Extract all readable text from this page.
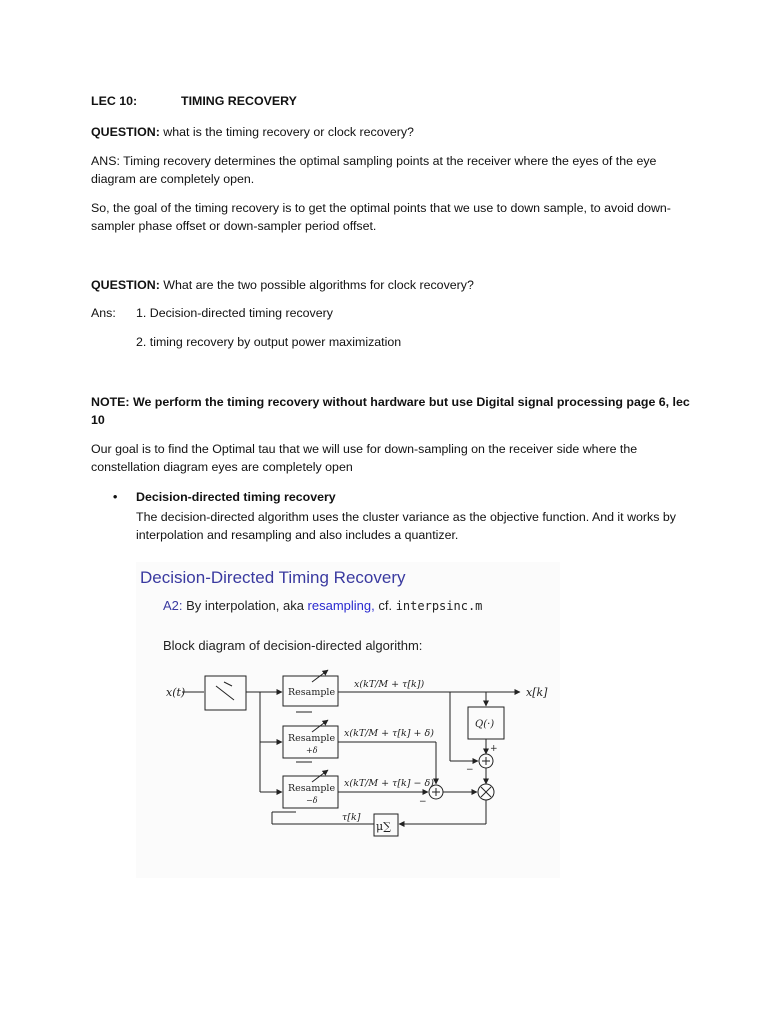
LEC 10:	TIMING RECOVERY
QUESTION: what is the timing recovery or clock recovery?
ANS: Timing recovery determines the optimal sampling points at the receiver where the eyes of the eye diagram are completely open.
So, the goal of the timing recovery is to get the optimal points that we use to down sample, to avoid down-sampler phase offset or down-sampler period offset.
QUESTION: What are the two possible algorithms for clock recovery?
Ans: 1. Decision-directed timing recovery
2. timing recovery by output power maximization
NOTE: We perform the timing recovery without hardware but use Digital signal processing page 6, lec 10
Our goal is to find the Optimal tau that we will use for down-sampling on the receiver side where the constellation diagram eyes are completely open
• Decision-directed timing recovery
The decision-directed algorithm uses the cluster variance as the objective function. And it works by interpolation and resampling and also includes a quantizer.
Decision-Directed Timing Recovery
A2: By interpolation, aka resampling, cf. interpsinc.m
Block diagram of decision-directed algorithm:
x(t)	x[k]
Resample
Resample
+δ
Resample
−δ
x(kT/M + τ[k])
x(kT/M + τ[k] + δ)
x(kT/M + τ[k] − δ)
Q(·)
τ[k]
μ∑
+
−
−
